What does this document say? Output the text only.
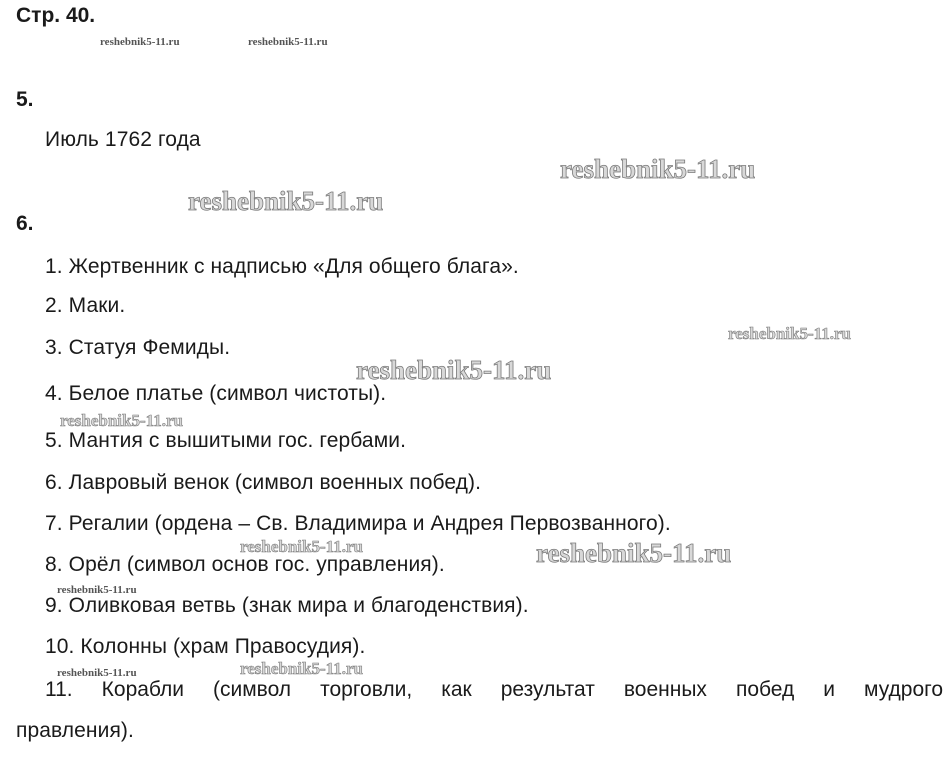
Стр. 40.
5.
Июль 1762 года
6.
1. Жертвенник с надписью «Для общего блага».
2. Маки.
3. Статуя Фемиды.
4. Белое платье (символ чистоты).
5. Мантия с вышитыми гос. гербами.
6. Лавровый венок (символ военных побед).
7. Регалии (ордена – Св. Владимира и Андрея Первозванного).
8. Орёл (символ основ гос. управления).
9. Оливковая ветвь (знак мира и благоденствия).
10. Колонны (храм Правосудия).
11. Корабли (символ торговли, как результат военных побед и мудрого
правления).
reshebnik5-11.ru	reshebnik5-11.ru
reshebnik5-11.ru
reshebnik5-11.ru
reshebnik5-11.ru
reshebnik5-11.ru
reshebnik5-11.ru
reshebnik5-11.ru	reshebnik5-11.ru
reshebnik5-11.ru
reshebnik5-11.ru	reshebnik5-11.ru
